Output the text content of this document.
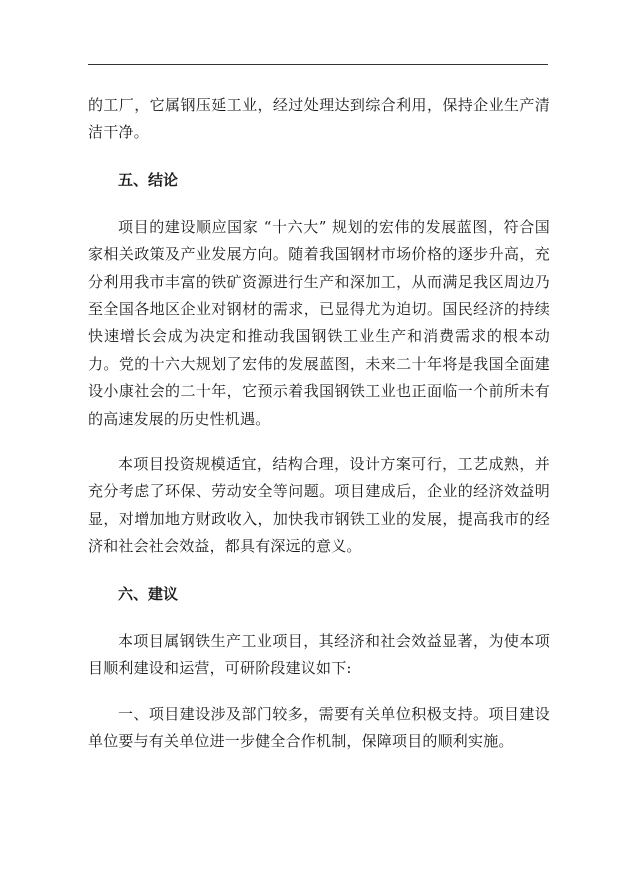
的工厂，它属钢压延工业，经过处理达到综合利用，保持企业生产清洁干净。

五、结论

项目的建设顺应国家 “十六大” 规划的宏伟的发展蓝图，符合国家相关政策及产业发展方向。随着我国钢材市场价格的逐步升高，充分利用我市丰富的铁矿资源进行生产和深加工，从而满足我区周边乃至全国各地区企业对钢材的需求，已显得尤为迫切。国民经济的持续快速增长会成为决定和推动我国钢铁工业生产和消费需求的根本动力。党的十六大规划了宏伟的发展蓝图，未来二十年将是我国全面建设小康社会的二十年，它预示着我国钢铁工业也正面临一个前所未有的高速发展的历史性机遇。

本项目投资规模适宜，结构合理，设计方案可行，工艺成熟，并充分考虑了环保、劳动安全等问题。项目建成后，企业的经济效益明显，对增加地方财政收入，加快我市钢铁工业的发展，提高我市的经济和社会社会效益，都具有深远的意义。

六、建议

本项目属钢铁生产工业项目，其经济和社会效益显著，为使本项目顺利建设和运营，可研阶段建议如下:

一、项目建设涉及部门较多，需要有关单位积极支持。项目建设单位要与有关单位进一步健全合作机制，保障项目的顺利实施。
